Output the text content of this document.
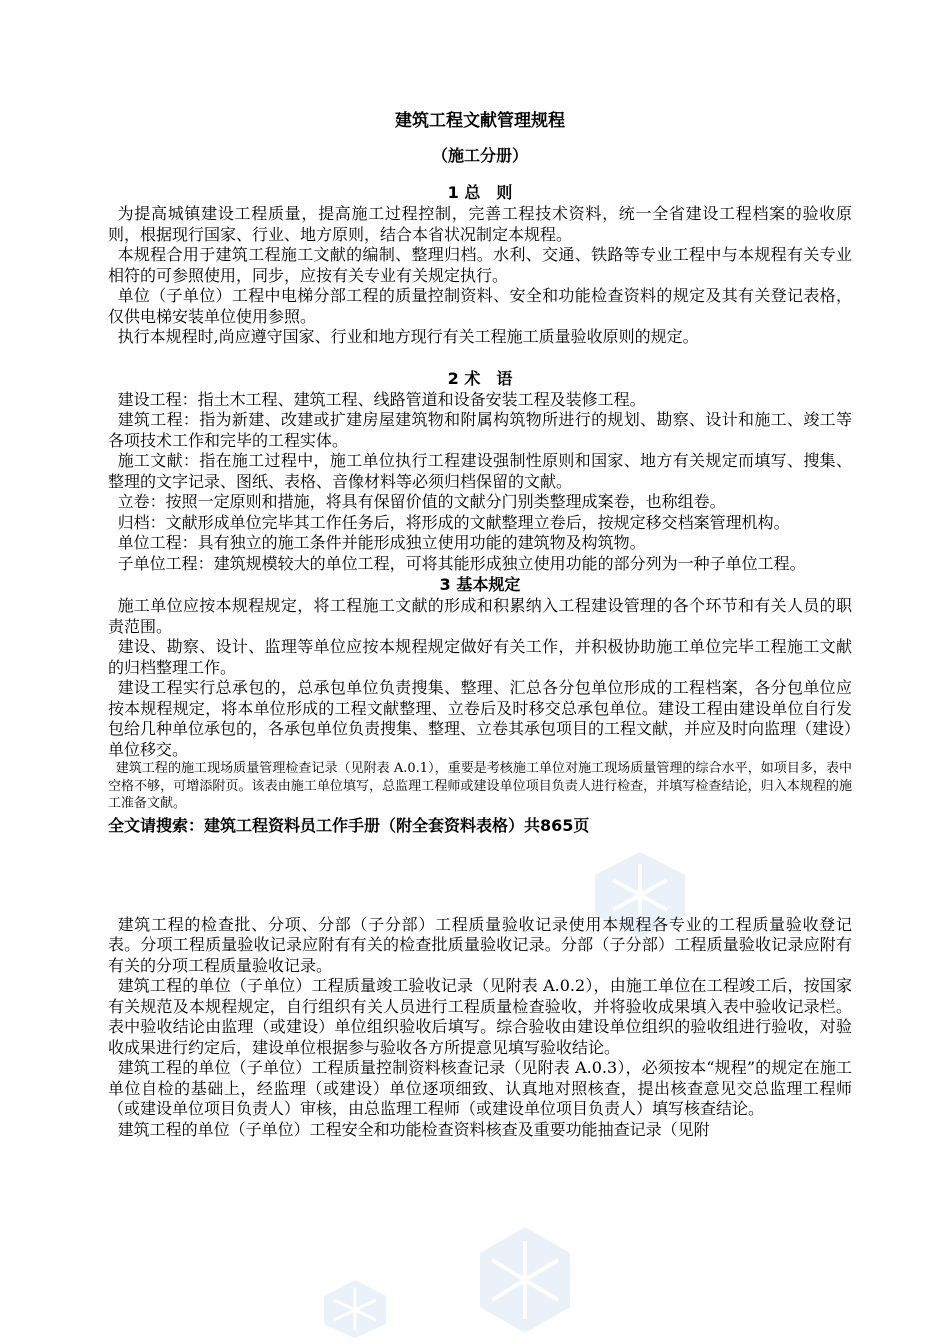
建筑工程文献管理规程
（施工分册）
1 总　则

为提高城镇建设工程质量，提高施工过程控制，完善工程技术资料，统一全省建设工程档案的验收原则，根据现行国家、行业、地方原则，结合本省状况制定本规程。

本规程合用于建筑工程施工文献的编制、整理归档。水利、交通、铁路等专业工程中与本规程有关专业相符的可参照使用，同步，应按有关专业有关规定执行。

单位（子单位）工程中电梯分部工程的质量控制资料、安全和功能检查资料的规定及其有关登记表格，仅供电梯安装单位使用参照。

执行本规程时,尚应遵守国家、行业和地方现行有关工程施工质量验收原则的规定。

2 术　语

建设工程：指土木工程、建筑工程、线路管道和设备安装工程及装修工程。

建筑工程：指为新建、改建或扩建房屋建筑物和附属构筑物所进行的规划、勘察、设计和施工、竣工等各项技术工作和完毕的工程实体。

施工文献：指在施工过程中，施工单位执行工程建设强制性原则和国家、地方有关规定而填写、搜集、整理的文字记录、图纸、表格、音像材料等必须归档保留的文献。

立卷：按照一定原则和措施，将具有保留价值的文献分门别类整理成案卷，也称组卷。

归档：文献形成单位完毕其工作任务后，将形成的文献整理立卷后，按规定移交档案管理机构。

单位工程：具有独立的施工条件并能形成独立使用功能的建筑物及构筑物。

子单位工程：建筑规模较大的单位工程，可将其能形成独立使用功能的部分列为一种子单位工程。

3 基本规定

施工单位应按本规程规定，将工程施工文献的形成和积累纳入工程建设管理的各个环节和有关人员的职责范围。

建设、勘察、设计、监理等单位应按本规程规定做好有关工作，并积极协助施工单位完毕工程施工文献的归档整理工作。

建设工程实行总承包的，总承包单位负责搜集、整理、汇总各分包单位形成的工程档案，各分包单位应按本规程规定，将本单位形成的工程文献整理、立卷后及时移交总承包单位。建设工程由建设单位自行发包给几种单位承包的，各承包单位负责搜集、整理、立卷其承包项目的工程文献，并应及时向监理（建设）单位移交。

建筑工程的施工现场质量管理检查记录（见附表 A.0.1），重要是考核施工单位对施工现场质量管理的综合水平，如项目多，表中空格不够，可增添附页。该表由施工单位填写，总监理工程师或建设单位项目负责人进行检查，并填写检查结论，归入本规程的施工准备文献。

全文请搜索：建筑工程资料员工作手册（附全套资料表格）共865页

建筑工程的检查批、分项、分部（子分部）工程质量验收记录使用本规程各专业的工程质量验收登记表。分项工程质量验收记录应附有有关的检查批质量验收记录。分部（子分部）工程质量验收记录应附有有关的分项工程质量验收记录。

建筑工程的单位（子单位）工程质量竣工验收记录（见附表 A.0.2），由施工单位在工程竣工后，按国家有关规范及本规程规定，自行组织有关人员进行工程质量检查验收，并将验收成果填入表中验收记录栏。表中验收结论由监理（或建设）单位组织验收后填写。综合验收由建设单位组织的验收组进行验收，对验收成果进行约定后，建设单位根据参与验收各方所提意见填写验收结论。

建筑工程的单位（子单位）工程质量控制资料核查记录（见附表 A.0.3），必须按本“规程”的规定在施工单位自检的基础上，经监理（或建设）单位逐项细致、认真地对照核查，提出核查意见交总监理工程师（或建设单位项目负责人）审核，由总监理工程师（或建设单位项目负责人）填写核查结论。

建筑工程的单位（子单位）工程安全和功能检查资料核查及重要功能抽查记录（见附
